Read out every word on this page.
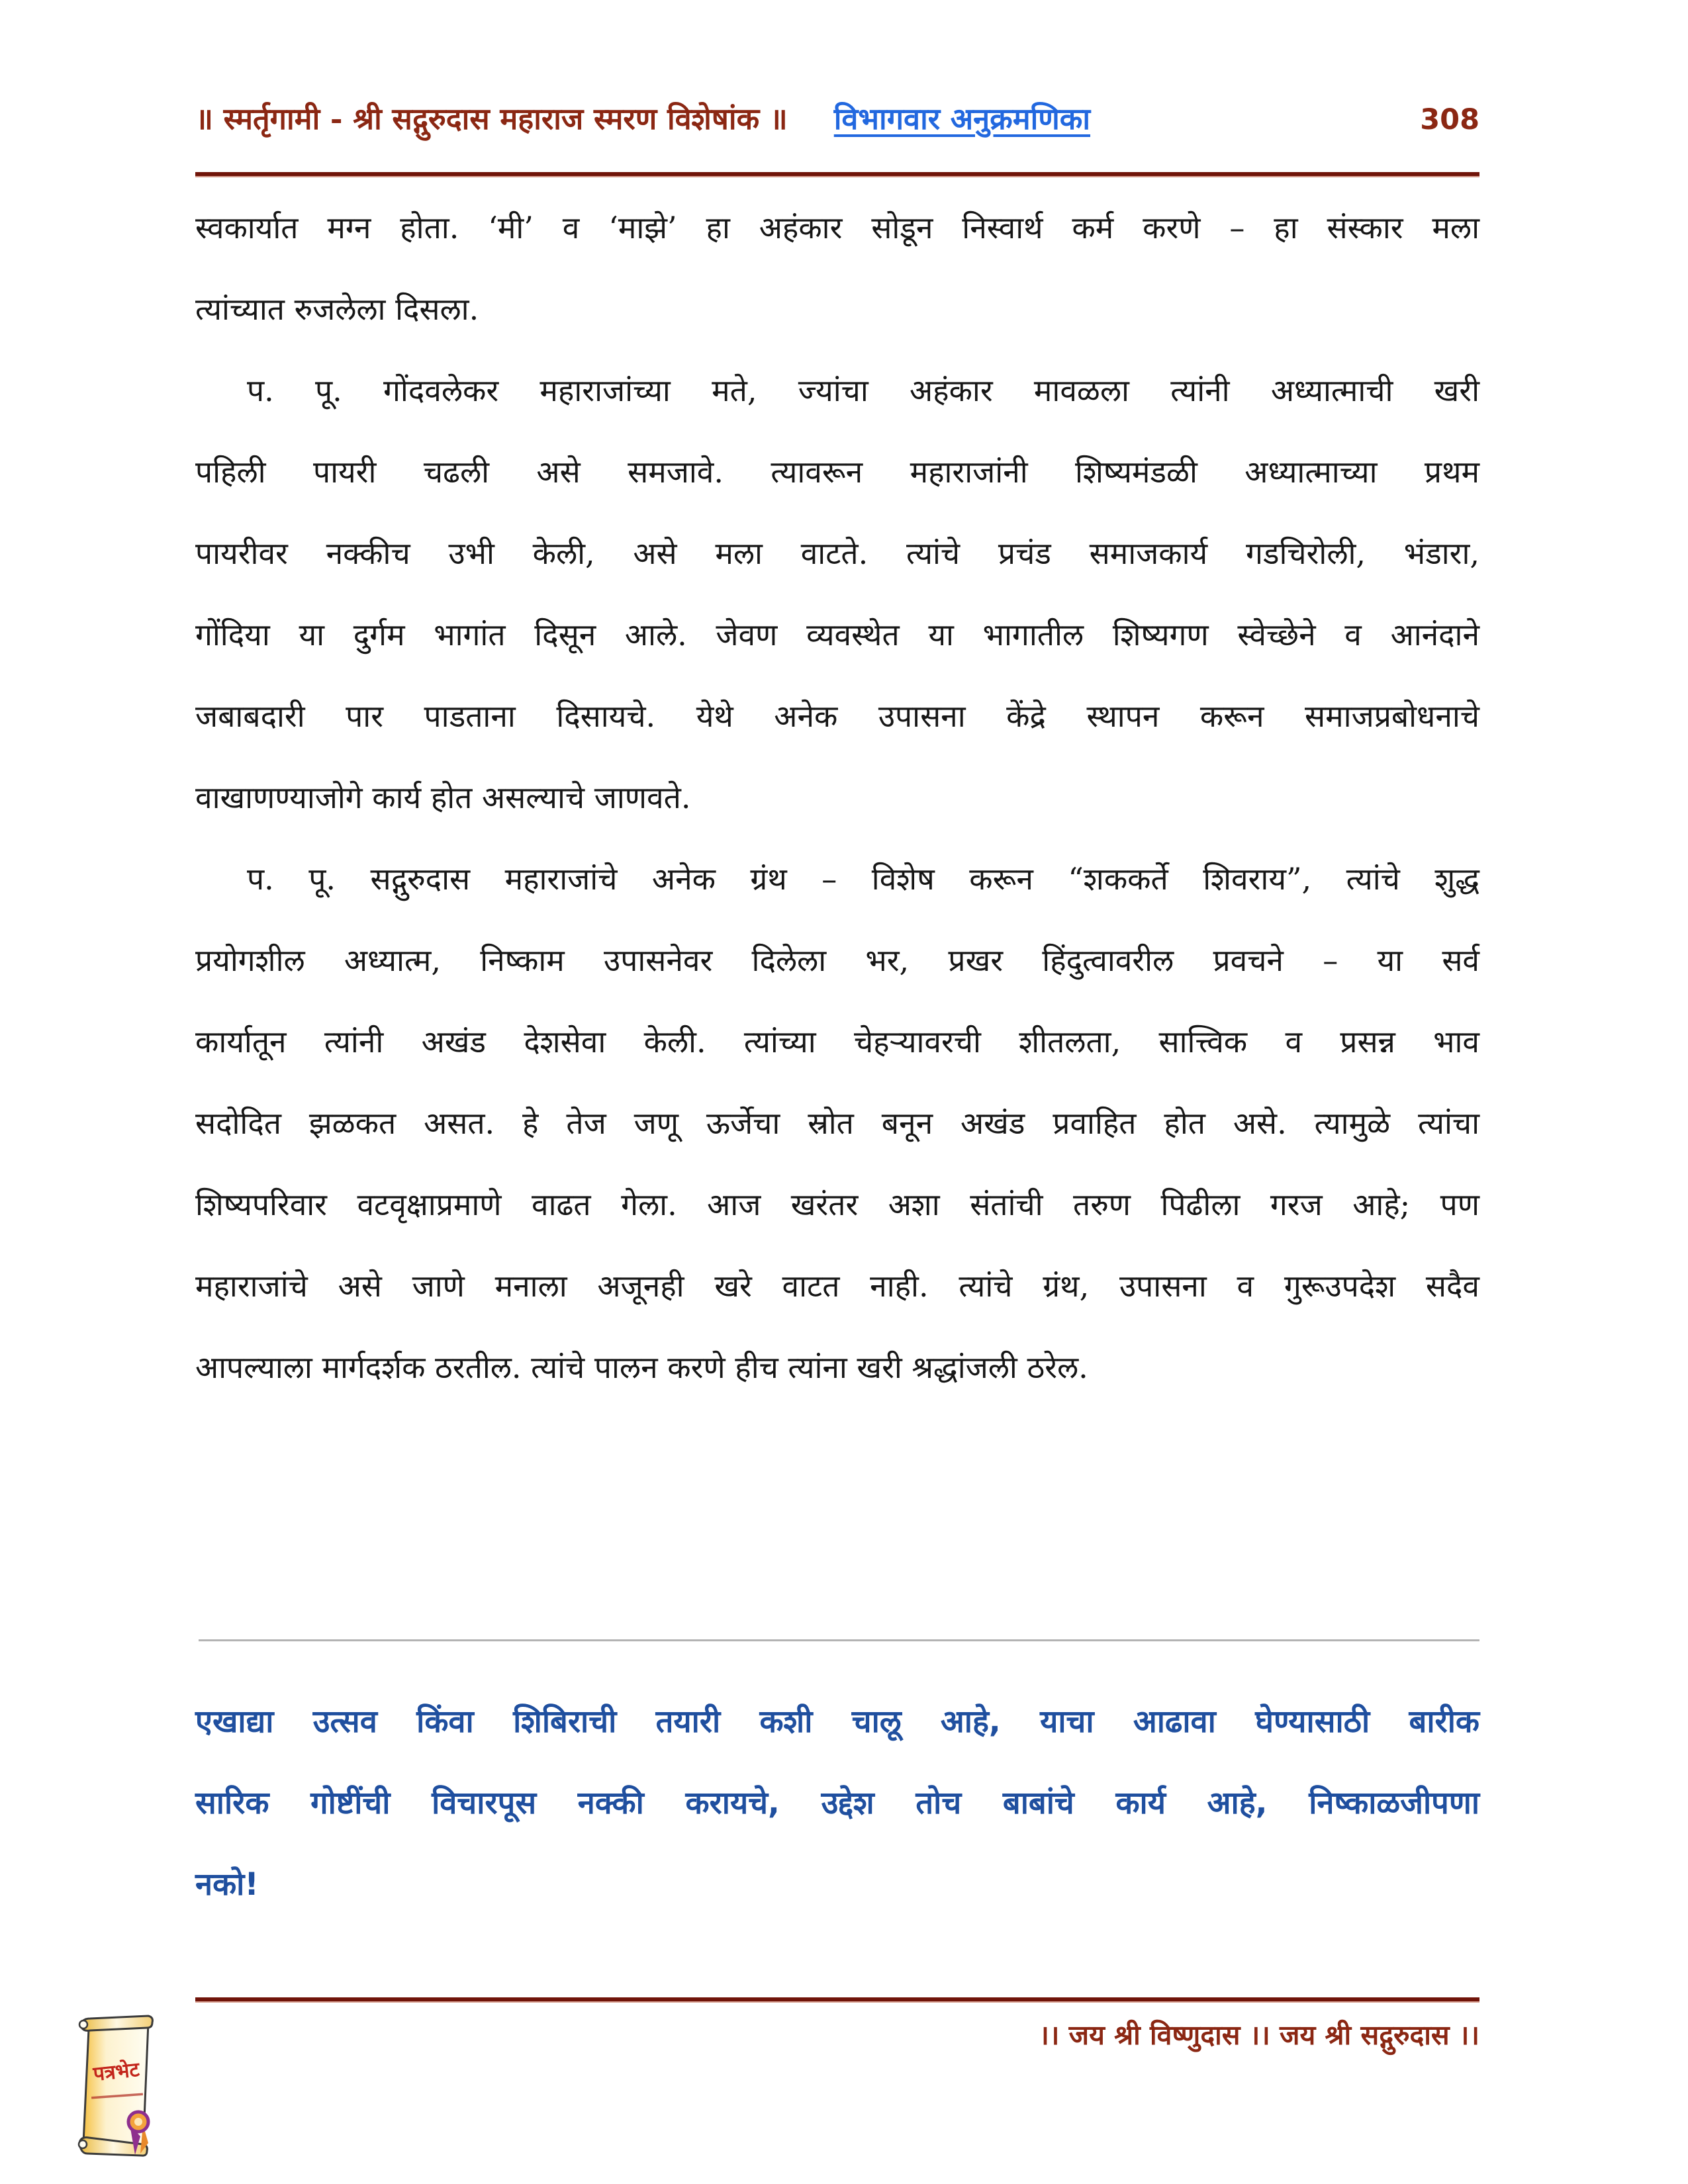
॥ स्मर्तृगामी - श्री सद्गुरुदास महाराज स्मरण विशेषांक ॥ विभागवार अनुक्रमणिका	308
स्वकार्यात मग्न होता. ‘मी’ व ‘माझे’ हा अहंकार सोडून निस्वार्थ कर्म करणे – हा संस्कार मला
त्यांच्यात रुजलेला दिसला.
प. पू. गोंदवलेकर महाराजांच्या मते, ज्यांचा अहंकार मावळला त्यांनी अध्यात्माची खरी
पहिली पायरी चढली असे समजावे. त्यावरून महाराजांनी शिष्यमंडळी अध्यात्माच्या प्रथम
पायरीवर नक्कीच उभी केली, असे मला वाटते. त्यांचे प्रचंड समाजकार्य गडचिरोली, भंडारा,
गोंदिया या दुर्गम भागांत दिसून आले. जेवण व्यवस्थेत या भागातील शिष्यगण स्वेच्छेने व आनंदाने
जबाबदारी पार पाडताना दिसायचे. येथे अनेक उपासना केंद्रे स्थापन करून समाजप्रबोधनाचे
वाखाणण्याजोगे कार्य होत असल्याचे जाणवते.
प. पू. सद्गुरुदास महाराजांचे अनेक ग्रंथ – विशेष करून “शककर्ते शिवराय”, त्यांचे शुद्ध
प्रयोगशील अध्यात्म, निष्काम उपासनेवर दिलेला भर, प्रखर हिंदुत्वावरील प्रवचने – या सर्व
कार्यातून त्यांनी अखंड देशसेवा केली. त्यांच्या चेहऱ्यावरची शीतलता, सात्त्विक व प्रसन्न भाव
सदोदित झळकत असत. हे तेज जणू ऊर्जेचा स्रोत बनून अखंड प्रवाहित होत असे. त्यामुळे त्यांचा
शिष्यपरिवार वटवृक्षाप्रमाणे वाढत गेला. आज खरंतर अशा संतांची तरुण पिढीला गरज आहे; पण
महाराजांचे असे जाणे मनाला अजूनही खरे वाटत नाही. त्यांचे ग्रंथ, उपासना व गुरूउपदेश सदैव
आपल्याला मार्गदर्शक ठरतील. त्यांचे पालन करणे हीच त्यांना खरी श्रद्धांजली ठरेल.
एखाद्या उत्सव किंवा शिबिराची तयारी कशी चालू आहे, याचा आढावा घेण्यासाठी बारीक
सारिक गोष्टींची विचारपूस नक्की करायचे, उद्देश तोच बाबांचे कार्य आहे, निष्काळजीपणा
नको!
।। जय श्री विष्णुदास ।। जय श्री सद्गुरुदास ।।
पत्रभेट
